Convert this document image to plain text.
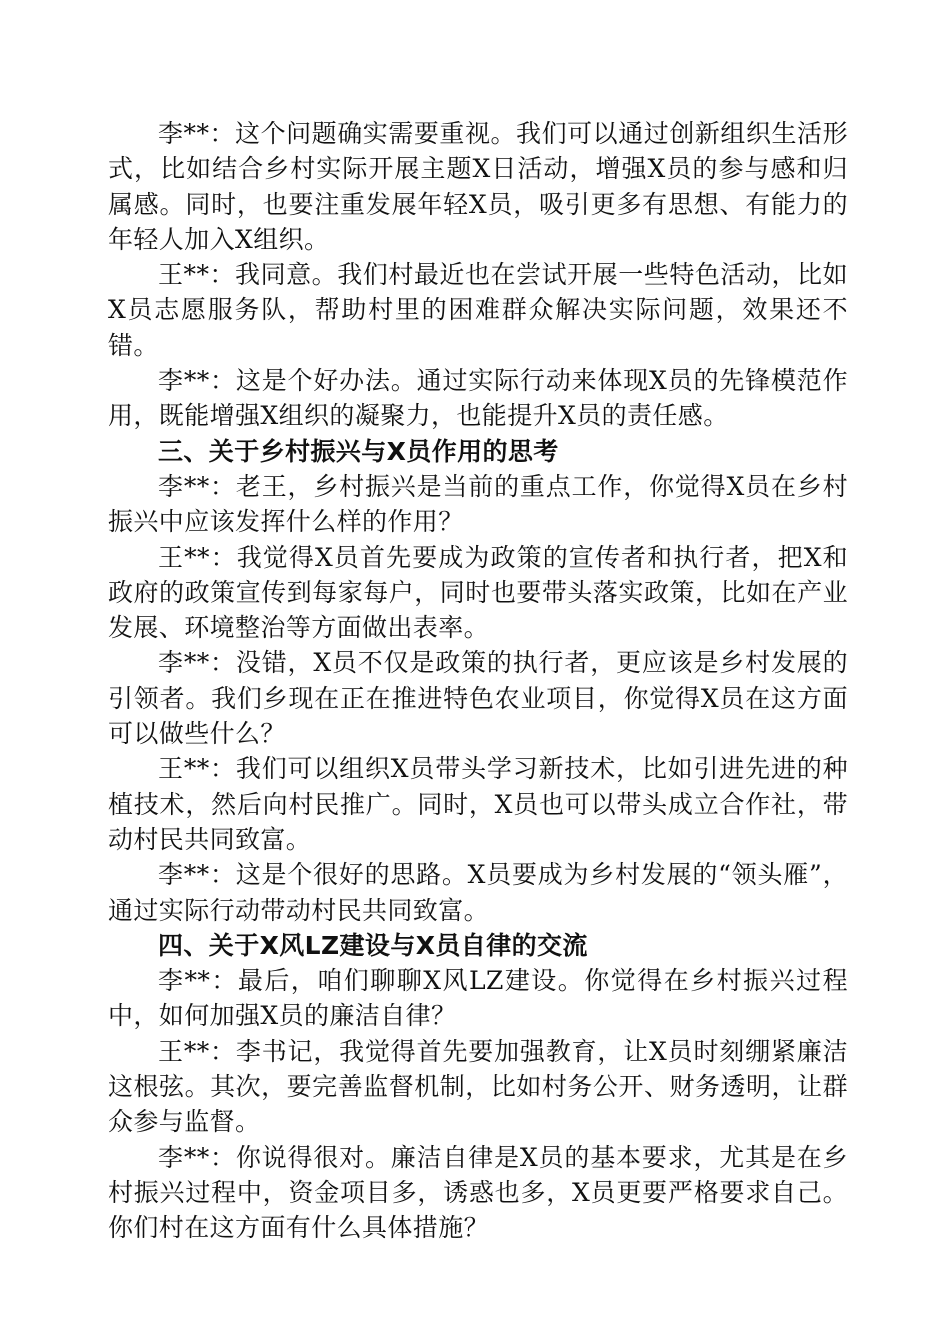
李**：这个问题确实需要重视。我们可以通过创新组织生活形式，比如结合乡村实际开展主题X日活动，增强X员的参与感和归属感。同时，也要注重发展年轻X员，吸引更多有思想、有能力的年轻人加入X组织。

王**：我同意。我们村最近也在尝试开展一些特色活动，比如X员志愿服务队，帮助村里的困难群众解决实际问题，效果还不错。

李**：这是个好办法。通过实际行动来体现X员的先锋模范作用，既能增强X组织的凝聚力，也能提升X员的责任感。

三、关于乡村振兴与X员作用的思考

李**：老王，乡村振兴是当前的重点工作，你觉得X员在乡村振兴中应该发挥什么样的作用？

王**：我觉得X员首先要成为政策的宣传者和执行者，把X和政府的政策宣传到每家每户，同时也要带头落实政策，比如在产业发展、环境整治等方面做出表率。

李**：没错，X员不仅是政策的执行者，更应该是乡村发展的引领者。我们乡现在正在推进特色农业项目，你觉得X员在这方面可以做些什么？

王**：我们可以组织X员带头学习新技术，比如引进先进的种植技术，然后向村民推广。同时，X员也可以带头成立合作社，带动村民共同致富。

李**：这是个很好的思路。X员要成为乡村发展的“领头雁”，通过实际行动带动村民共同致富。

四、关于X风LZ建设与X员自律的交流

李**：最后，咱们聊聊X风LZ建设。你觉得在乡村振兴过程中，如何加强X员的廉洁自律？

王**：李书记，我觉得首先要加强教育，让X员时刻绷紧廉洁这根弦。其次，要完善监督机制，比如村务公开、财务透明，让群众参与监督。

李**：你说得很对。廉洁自律是X员的基本要求，尤其是在乡村振兴过程中，资金项目多，诱惑也多，X员更要严格要求自己。你们村在这方面有什么具体措施？
